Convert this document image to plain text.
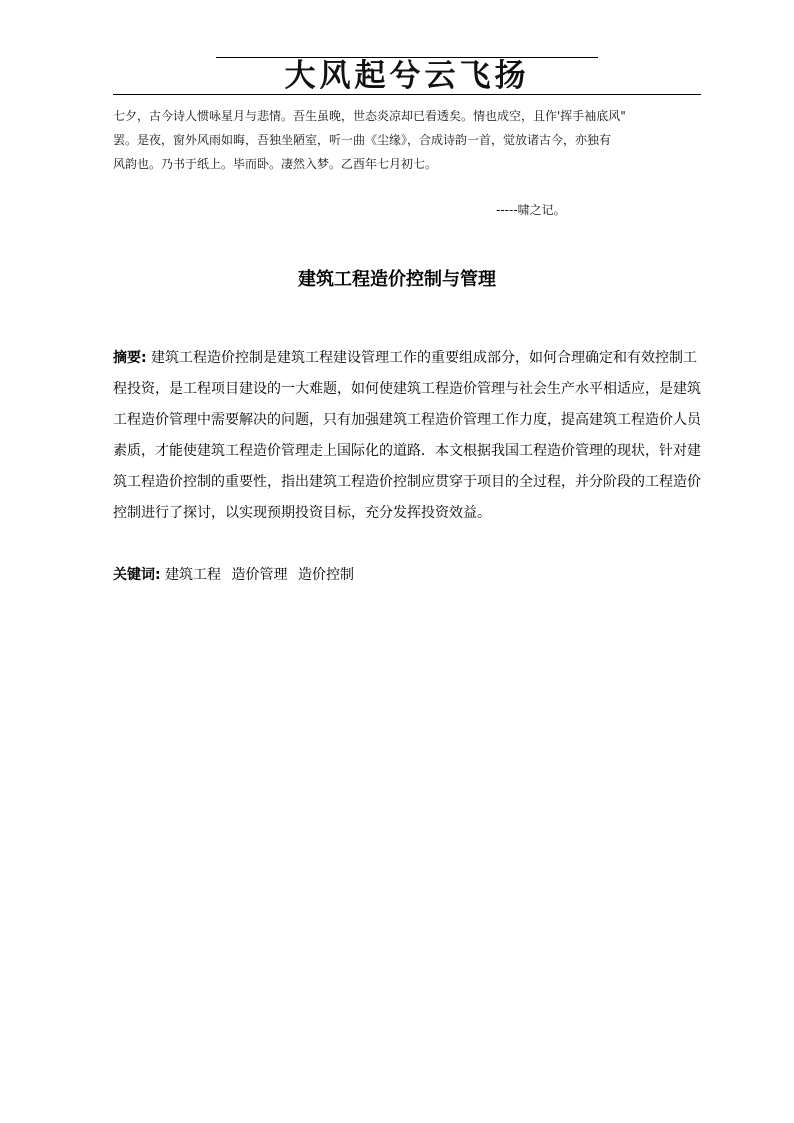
大风起兮云飞扬
七夕，古今诗人惯咏星月与悲情。吾生虽晚，世态炎凉却已看透矣。情也成空，且作'挥手袖底风"
罢。是夜，窗外风雨如晦，吾独坐陋室，听一曲《尘缘》，合成诗韵一首，觉放诸古今，亦独有
风韵也。乃书于纸上。毕而卧。凄然入梦。乙酉年七月初七。
-----啸之记。
建筑工程造价控制与管理
摘要: 建筑工程造价控制是建筑工程建设管理工作的重要组成部分，如何合理确定和有效控制工程投资，是工程项目建设的一大难题，如何使建筑工程造价管理与社会生产水平相适应，是建筑工程造价管理中需要解决的问题，只有加强建筑工程造价管理工作力度，提高建筑工程造价人员素质，才能使建筑工程造价管理走上国际化的道路．本文根据我国工程造价管理的现状，针对建筑工程造价控制的重要性，指出建筑工程造价控制应贯穿于项目的全过程，并分阶段的工程造价控制进行了探讨，以实现预期投资目标，充分发挥投资效益。
关键词: 建筑工程 造价管理 造价控制
